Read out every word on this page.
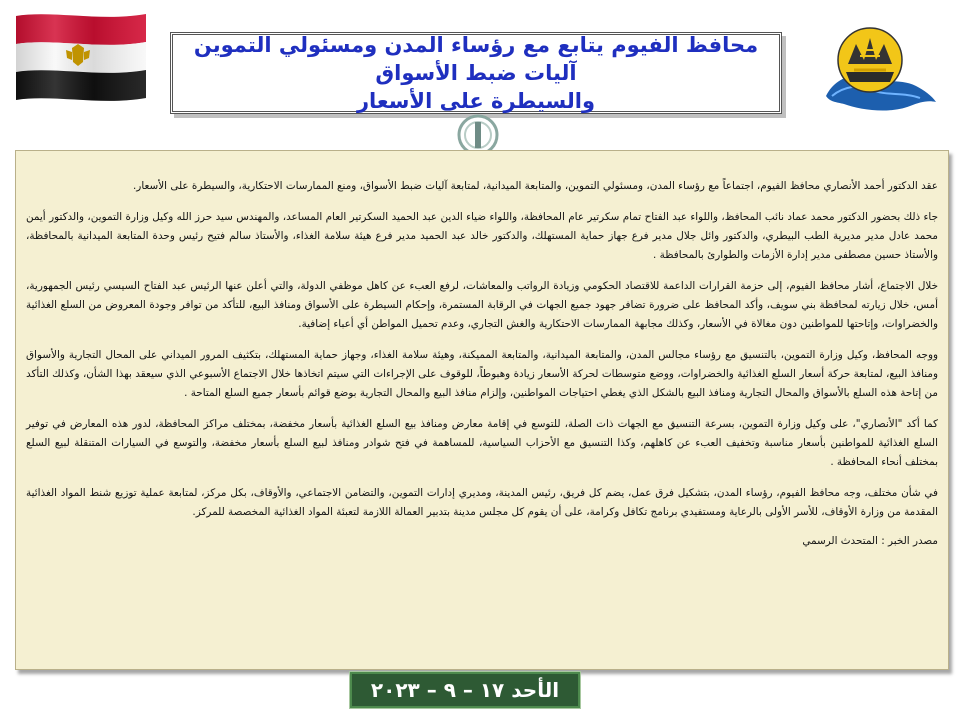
محافظ الفيوم يتابع مع رؤساء المدن ومسئولي التموين آليات ضبط الأسواق
والسيطرة على الأسعار

عقد الدكتور أحمد الأنصاري محافظ الفيوم، اجتماعاً مع رؤساء المدن، ومسئولي التموين، والمتابعة الميدانية، لمتابعة آليات ضبط الأسواق، ومنع الممارسات الاحتكارية، والسيطرة على الأسعار.

جاء ذلك بحضور الدكتور محمد عماد نائب المحافظ، واللواء عبد الفتاح تمام سكرتير عام المحافظة، واللواء ضياء الدين عبد الحميد السكرتير العام المساعد، والمهندس سيد حرز الله وكيل وزارة التموين، والدكتور أيمن محمد عادل مدير مديرية الطب البيطري، والدكتور وائل جلال مدير فرع جهاز حماية المستهلك، والدكتور خالد عبد الحميد مدير فرع هيئة سلامة الغذاء، والأستاذ سالم فتيح رئيس وحدة المتابعة الميدانية بالمحافظة، والأستاذ حسين مصطفى مدير إدارة الأزمات والطوارئ بالمحافظة .

خلال الاجتماع، أشار محافظ الفيوم، إلى حزمة القرارات الداعمة للاقتصاد الحكومي وزيادة الرواتب والمعاشات، لرفع العبء عن كاهل موظفي الدولة، والتي أعلن عنها الرئيس عبد الفتاح السيسي رئيس الجمهورية، أمس، خلال زيارته لمحافظة بني سويف، وأكد المحافظ على ضرورة تضافر جهود جميع الجهات في الرقابة المستمرة، وإحكام السيطرة على الأسواق ومنافذ البيع، للتأكد من توافر وجودة المعروض من السلع الغذائية والخضراوات، وإتاحتها للمواطنين دون مغالاة في الأسعار، وكذلك مجابهة الممارسات الاحتكارية والغش التجاري، وعدم تحميل المواطن أي أعباء إضافية.

ووجه المحافظ، وكيل وزارة التموين، بالتنسيق مع رؤساء مجالس المدن، والمتابعة الميدانية، والمتابعة المميكنة، وهيئة سلامة الغذاء، وجهاز حماية المستهلك، بتكثيف المرور الميداني على المحال التجارية والأسواق ومنافذ البيع، لمتابعة حركة أسعار السلع الغذائية والخضراوات، ووضع متوسطات لحركة الأسعار زيادة وهبوطاً، للوقوف على الإجراءات التي سيتم اتخاذها خلال الاجتماع الأسبوعي الذي سيعقد بهذا الشأن، وكذلك التأكد من إتاحة هذه السلع بالأسواق والمحال التجارية ومنافذ البيع بالشكل الذي يغطي احتياجات المواطنين، وإلزام منافذ البيع والمحال التجارية بوضع قوائم بأسعار جميع السلع المتاحة .

كما أكد "الأنصاري"، على وكيل وزارة التموين، بسرعة التنسيق مع الجهات ذات الصلة، للتوسع في إقامة معارض ومنافذ بيع السلع الغذائية بأسعار مخفضة، بمختلف مراكز المحافظة، لدور هذه المعارض في توفير السلع الغذائية للمواطنين بأسعار مناسبة وتخفيف العبء عن كاهلهم، وكذا التنسيق مع الأحزاب السياسية، للمساهمة في فتح شوادر ومنافذ لبيع السلع بأسعار مخفضة، والتوسع في السيارات المتنقلة لبيع السلع بمختلف أنحاء المحافظة .

في شأن مختلف، وجه محافظ الفيوم، رؤساء المدن، بتشكيل فرق عمل، يضم كل فريق، رئيس المدينة، ومديري إدارات التموين، والتضامن الاجتماعي، والأوقاف، بكل مركز، لمتابعة عملية توزيع شنط المواد الغذائية المقدمة من وزارة الأوقاف، للأسر الأولى بالرعاية ومستفيدي برنامج تكافل وكرامة، على أن يقوم كل مجلس مدينة بتدبير العمالة اللازمة لتعبئة المواد الغذائية المخصصة للمركز.

مصدر الخبر : المتحدث الرسمي

الأحد ١٧ – ٩ – ٢٠٢٣
